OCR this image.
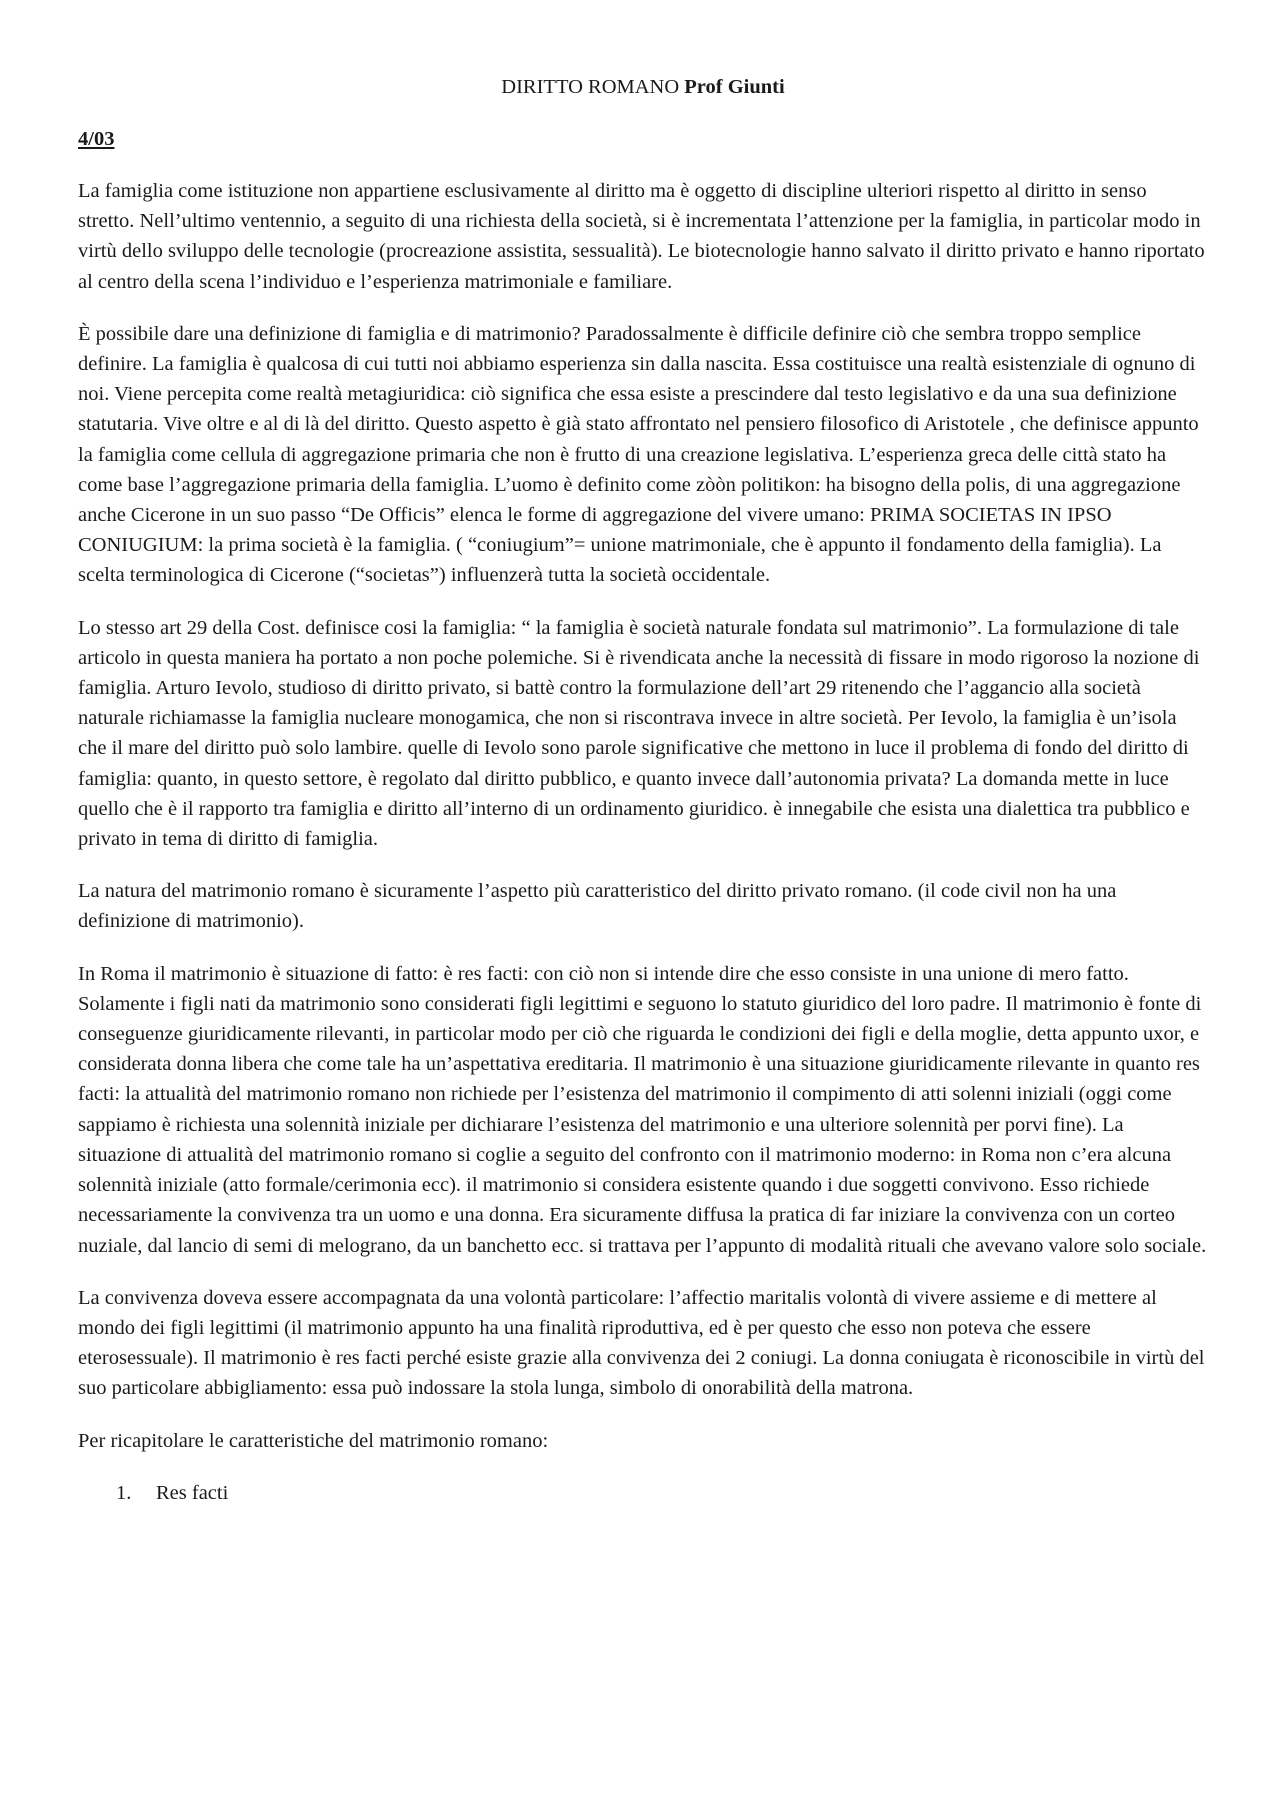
DIRITTO ROMANO Prof Giunti
4/03

La famiglia come istituzione non appartiene esclusivamente al diritto ma è oggetto di discipline ulteriori rispetto al diritto in senso stretto. Nell’ultimo ventennio, a seguito di una richiesta della società, si è incrementata l’attenzione per la famiglia, in particolar modo in virtù dello sviluppo delle tecnologie (procreazione assistita, sessualità). Le biotecnologie hanno salvato il diritto privato e hanno riportato al centro della scena l’individuo e l’esperienza matrimoniale e familiare.

È possibile dare una definizione di famiglia e di matrimonio? Paradossalmente è difficile definire ciò che sembra troppo semplice definire. La famiglia è qualcosa di cui tutti noi abbiamo esperienza sin dalla nascita. Essa costituisce una realtà esistenziale di ognuno di noi. Viene percepita come realtà metagiuridica: ciò significa che essa esiste a prescindere dal testo legislativo e da una sua definizione statutaria. Vive oltre e al di là del diritto. Questo aspetto è già stato affrontato nel pensiero filosofico di Aristotele , che definisce appunto la famiglia come cellula di aggregazione primaria che non è frutto di una creazione legislativa. L’esperienza greca delle città stato ha come base l’aggregazione primaria della famiglia. L’uomo è definito come zòòn politikon: ha bisogno della polis, di una aggregazione anche Cicerone in un suo passo “De Officis” elenca le forme di aggregazione del vivere umano: PRIMA SOCIETAS IN IPSO CONIUGIUM: la prima società è la famiglia. ( “coniugium”= unione matrimoniale, che è appunto il fondamento della famiglia). La scelta terminologica di Cicerone (“societas”) influenzerà tutta la società occidentale.

Lo stesso art 29 della Cost. definisce cosi la famiglia: “ la famiglia è società naturale fondata sul matrimonio”. La formulazione di tale articolo in questa maniera ha portato a non poche polemiche. Si è rivendicata anche la necessità di fissare in modo rigoroso la nozione di famiglia. Arturo Ievolo, studioso di diritto privato, si battè contro la formulazione dell’art 29 ritenendo che l’aggancio alla società naturale richiamasse la famiglia nucleare monogamica, che non si riscontrava invece in altre società. Per Ievolo, la famiglia è un’isola che il mare del diritto può solo lambire. quelle di Ievolo sono parole significative che mettono in luce il problema di fondo del diritto di famiglia: quanto, in questo settore, è regolato dal diritto pubblico, e quanto invece dall’autonomia privata? La domanda mette in luce quello che è il rapporto tra famiglia e diritto all’interno di un ordinamento giuridico. è innegabile che esista una dialettica tra pubblico e privato in tema di diritto di famiglia.

La natura del matrimonio romano è sicuramente l’aspetto più caratteristico del diritto privato romano. (il code civil non ha una definizione di matrimonio).

In Roma il matrimonio è situazione di fatto: è res facti: con ciò non si intende dire che esso consiste in una unione di mero fatto. Solamente i figli nati da matrimonio sono considerati figli legittimi e seguono lo statuto giuridico del loro padre. Il matrimonio è fonte di conseguenze giuridicamente rilevanti, in particolar modo per ciò che riguarda le condizioni dei figli e della moglie, detta appunto uxor, e considerata donna libera che come tale ha un’aspettativa ereditaria. Il matrimonio è una situazione giuridicamente rilevante in quanto res facti: la attualità del matrimonio romano non richiede per l’esistenza del matrimonio il compimento di atti solenni iniziali (oggi come sappiamo è richiesta una solennità iniziale per dichiarare l’esistenza del matrimonio e una ulteriore solennità per porvi fine). La situazione di attualità del matrimonio romano si coglie a seguito del confronto con il matrimonio moderno: in Roma non c’era alcuna solennità iniziale (atto formale/cerimonia ecc). il matrimonio si considera esistente quando i due soggetti convivono. Esso richiede necessariamente la convivenza tra un uomo e una donna. Era sicuramente diffusa la pratica di far iniziare la convivenza con un corteo nuziale, dal lancio di semi di melograno, da un banchetto ecc. si trattava per l’appunto di modalità rituali che avevano valore solo sociale.

La convivenza doveva essere accompagnata da una volontà particolare: l’affectio maritalis volontà di vivere assieme e di mettere al mondo dei figli legittimi (il matrimonio appunto ha una finalità riproduttiva, ed è per questo che esso non poteva che essere eterosessuale). Il matrimonio è res facti perché esiste grazie alla convivenza dei 2 coniugi. La donna coniugata è riconoscibile in virtù del suo particolare abbigliamento: essa può indossare la stola lunga, simbolo di onorabilità della matrona.

Per ricapitolare le caratteristiche del matrimonio romano:

1. Res facti
